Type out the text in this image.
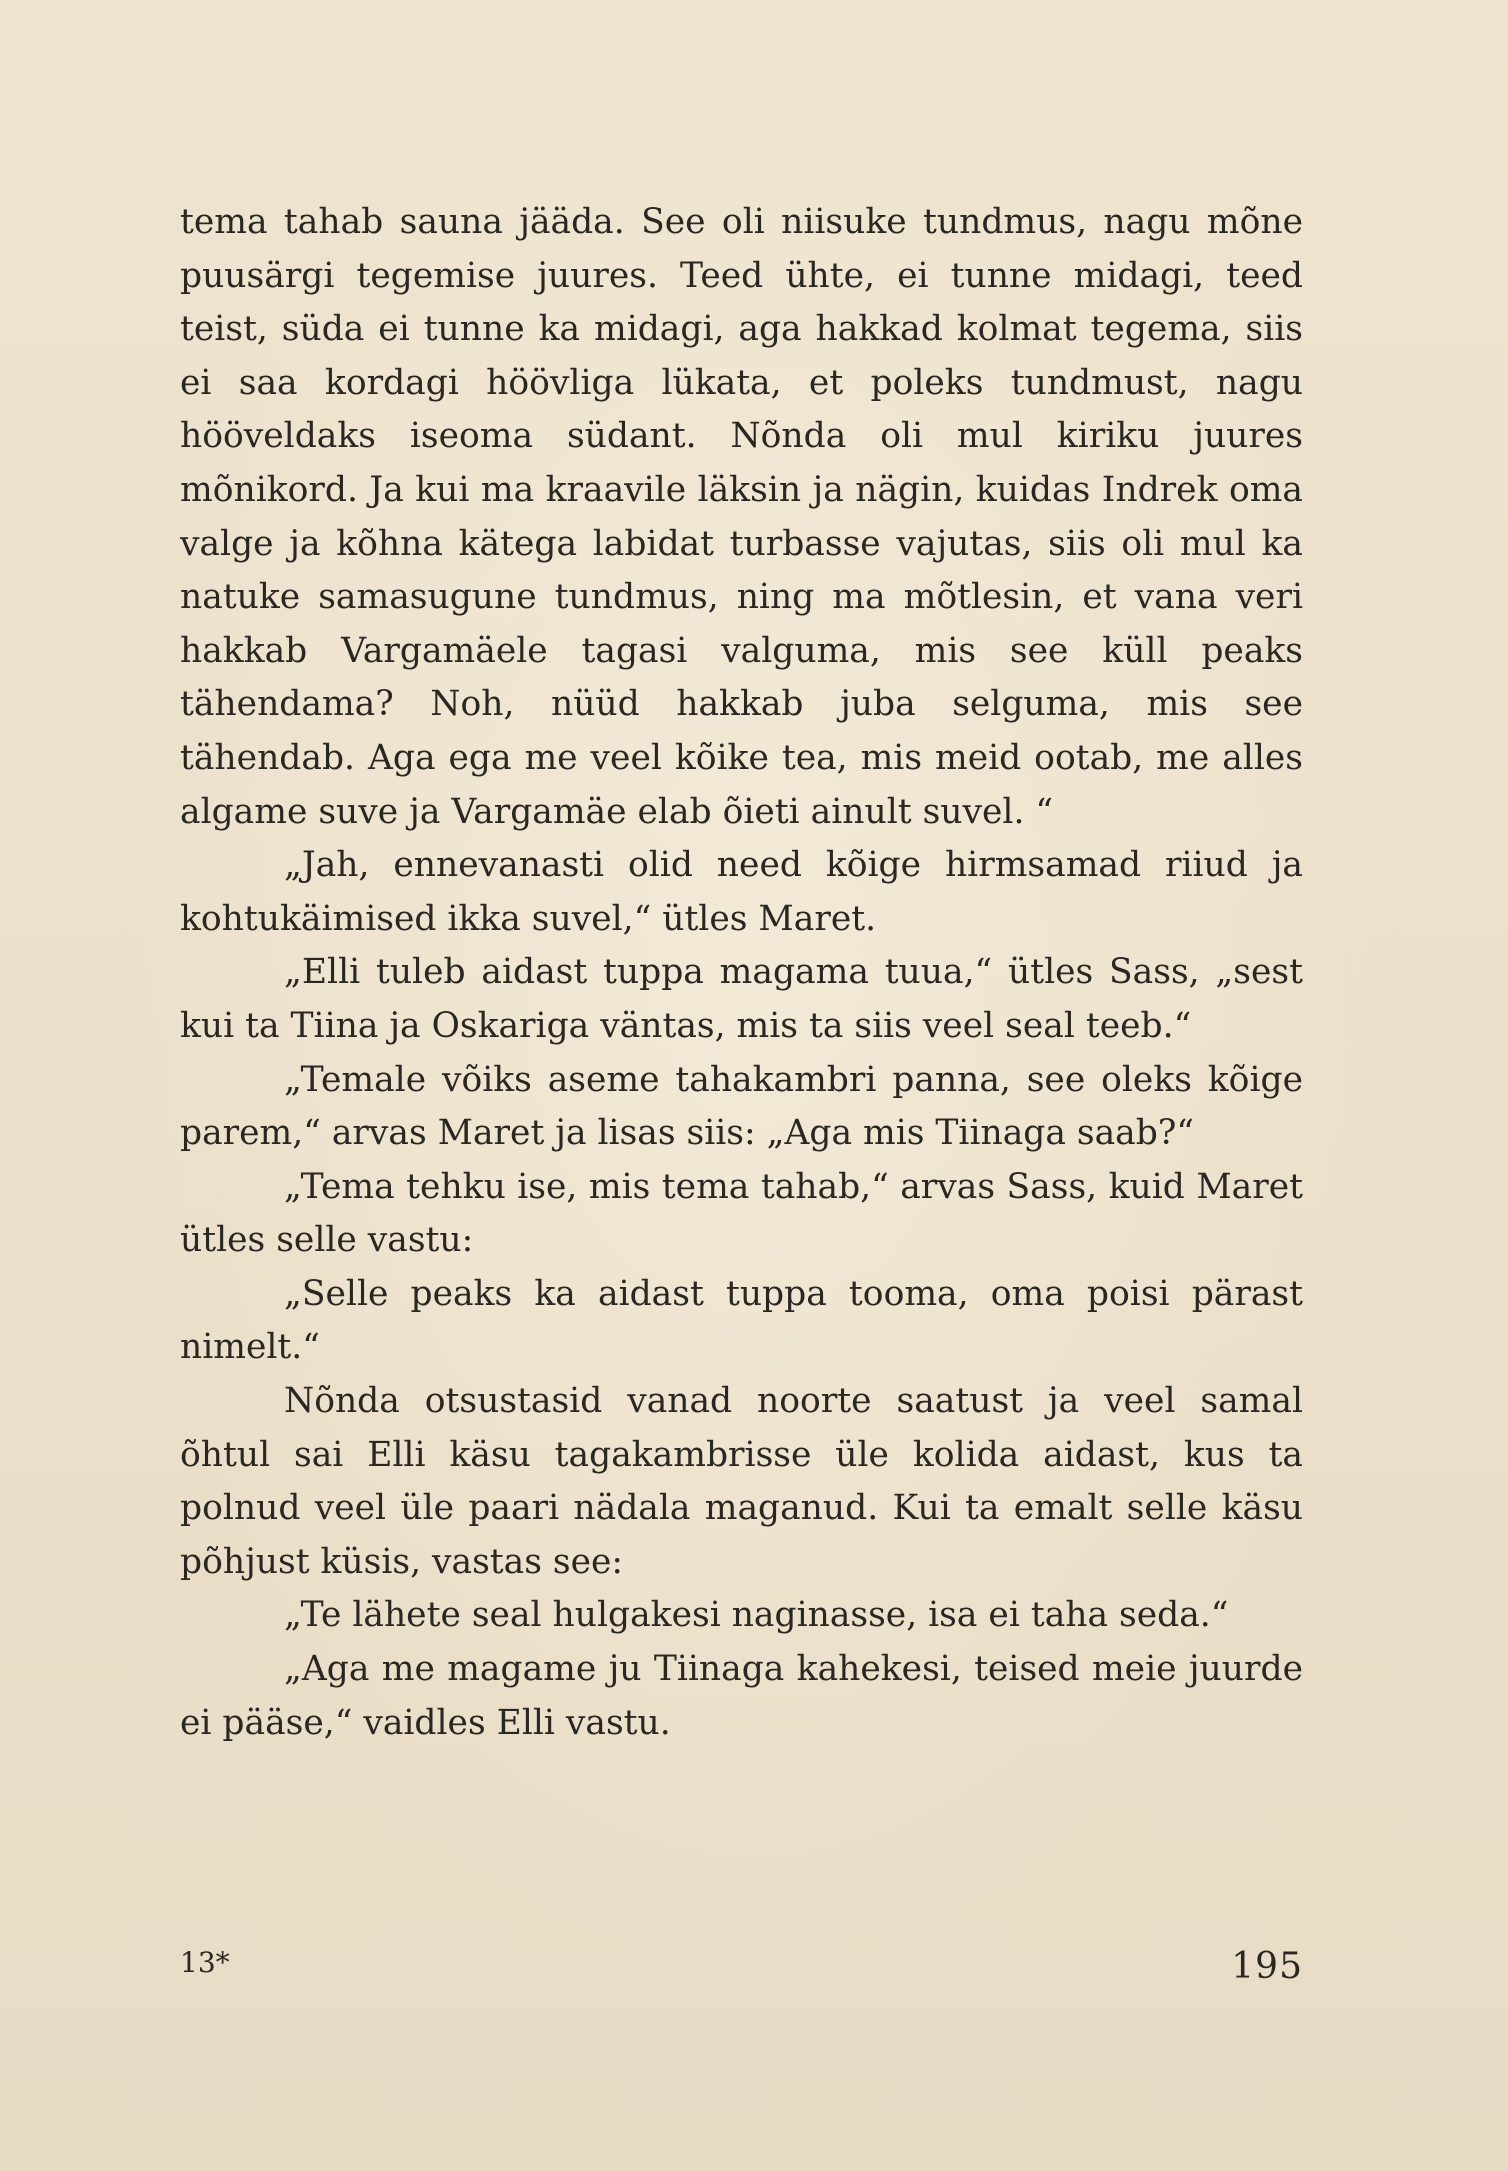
tema tahab sauna jääda. See oli niisuke tundmus, nagu mõne puusärgi tegemise juures. Teed ühte, ei tunne midagi, teed teist, süda ei tunne ka midagi, aga hakkad kolmat tegema, siis ei saa kordagi höövliga lükata, et poleks tundmust, nagu hööveldaks iseoma südant. Nõnda oli mul kiriku juures mõnikord. Ja kui ma kraavile läksin ja nägin, kuidas Indrek oma valge ja kõhna kätega labidat turbasse vajutas, siis oli mul ka natuke samasugune tundmus, ning ma mõtlesin, et vana veri hakkab Vargamäele tagasi valguma, mis see küll peaks tähendama? Noh, nüüd hakkab juba selguma, mis see tähendab. Aga ega me veel kõike tea, mis meid ootab, me alles algame suve ja Vargamäe elab õieti ainult suvel. “

„Jah, ennevanasti olid need kõige hirmsamad riiud ja kohtukäimised ikka suvel,“ ütles Maret.

„Elli tuleb aidast tuppa magama tuua,“ ütles Sass, „sest kui ta Tiina ja Oskariga väntas, mis ta siis veel seal teeb.“

„Temale võiks aseme tahakambri panna, see oleks kõige parem,“ arvas Maret ja lisas siis: „Aga mis Tiinaga saab?“

„Tema tehku ise, mis tema tahab,“ arvas Sass, kuid Maret ütles selle vastu:

„Selle peaks ka aidast tuppa tooma, oma poisi pärast nimelt.“

Nõnda otsustasid vanad noorte saatust ja veel samal õhtul sai Elli käsu tagakambrisse üle kolida aidast, kus ta polnud veel üle paari nädala maganud. Kui ta emalt selle käsu põhjust küsis, vastas see:

„Te lähete seal hulgakesi naginasse, isa ei taha seda.“

„Aga me magame ju Tiinaga kahekesi, teised meie juurde ei pääse,“ vaidles Elli vastu.

13*	195
